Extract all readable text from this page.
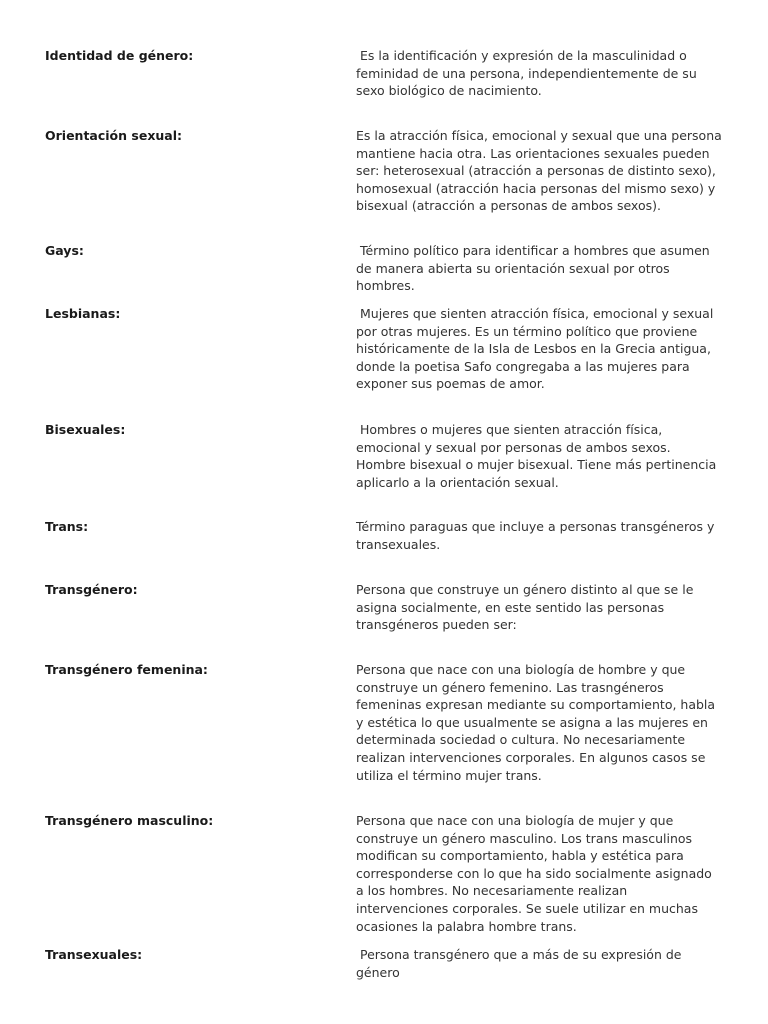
Identidad de género:	Es la identificación y expresión de la masculinidad o feminidad de una persona, independientemente de su sexo biológico de nacimiento.
Orientación sexual:	Es la atracción física, emocional y sexual que una persona mantiene hacia otra. Las orientaciones sexuales pueden ser: heterosexual (atracción a personas de distinto sexo), homosexual (atracción hacia personas del mismo sexo) y bisexual (atracción a personas de ambos sexos).
Gays:	Término político para identificar a hombres que asumen de manera abierta su orientación sexual por otros hombres.
Lesbianas:	Mujeres que sienten atracción física, emocional y sexual por otras mujeres. Es un término político que proviene históricamente de la Isla de Lesbos en la Grecia antigua, donde la poetisa Safo congregaba a las mujeres para exponer sus poemas de amor.
Bisexuales:	Hombres o mujeres que sienten atracción física, emocional y sexual por personas de ambos sexos. Hombre bisexual o mujer bisexual. Tiene más pertinencia aplicarlo a la orientación sexual.
Trans:	Término paraguas que incluye a personas transgéneros y transexuales.
Transgénero:	Persona que construye un género distinto al que se le asigna socialmente, en este sentido las personas transgéneros pueden ser:
Transgénero femenina:	Persona que nace con una biología de hombre y que construye un género femenino. Las trasngéneros femeninas expresan mediante su comportamiento, habla y estética lo que usualmente se asigna a las mujeres en determinada sociedad o cultura. No necesariamente realizan intervenciones corporales. En algunos casos se utiliza el término mujer trans.
Transgénero masculino:	Persona que nace con una biología de mujer y que construye un género masculino. Los trans masculinos modifican su comportamiento, habla y estética para corresponderse con lo que ha sido socialmente asignado a los hombres. No necesariamente realizan intervenciones corporales. Se suele utilizar en muchas ocasiones la palabra hombre trans.
Transexuales:	Persona transgénero que a más de su expresión de género
